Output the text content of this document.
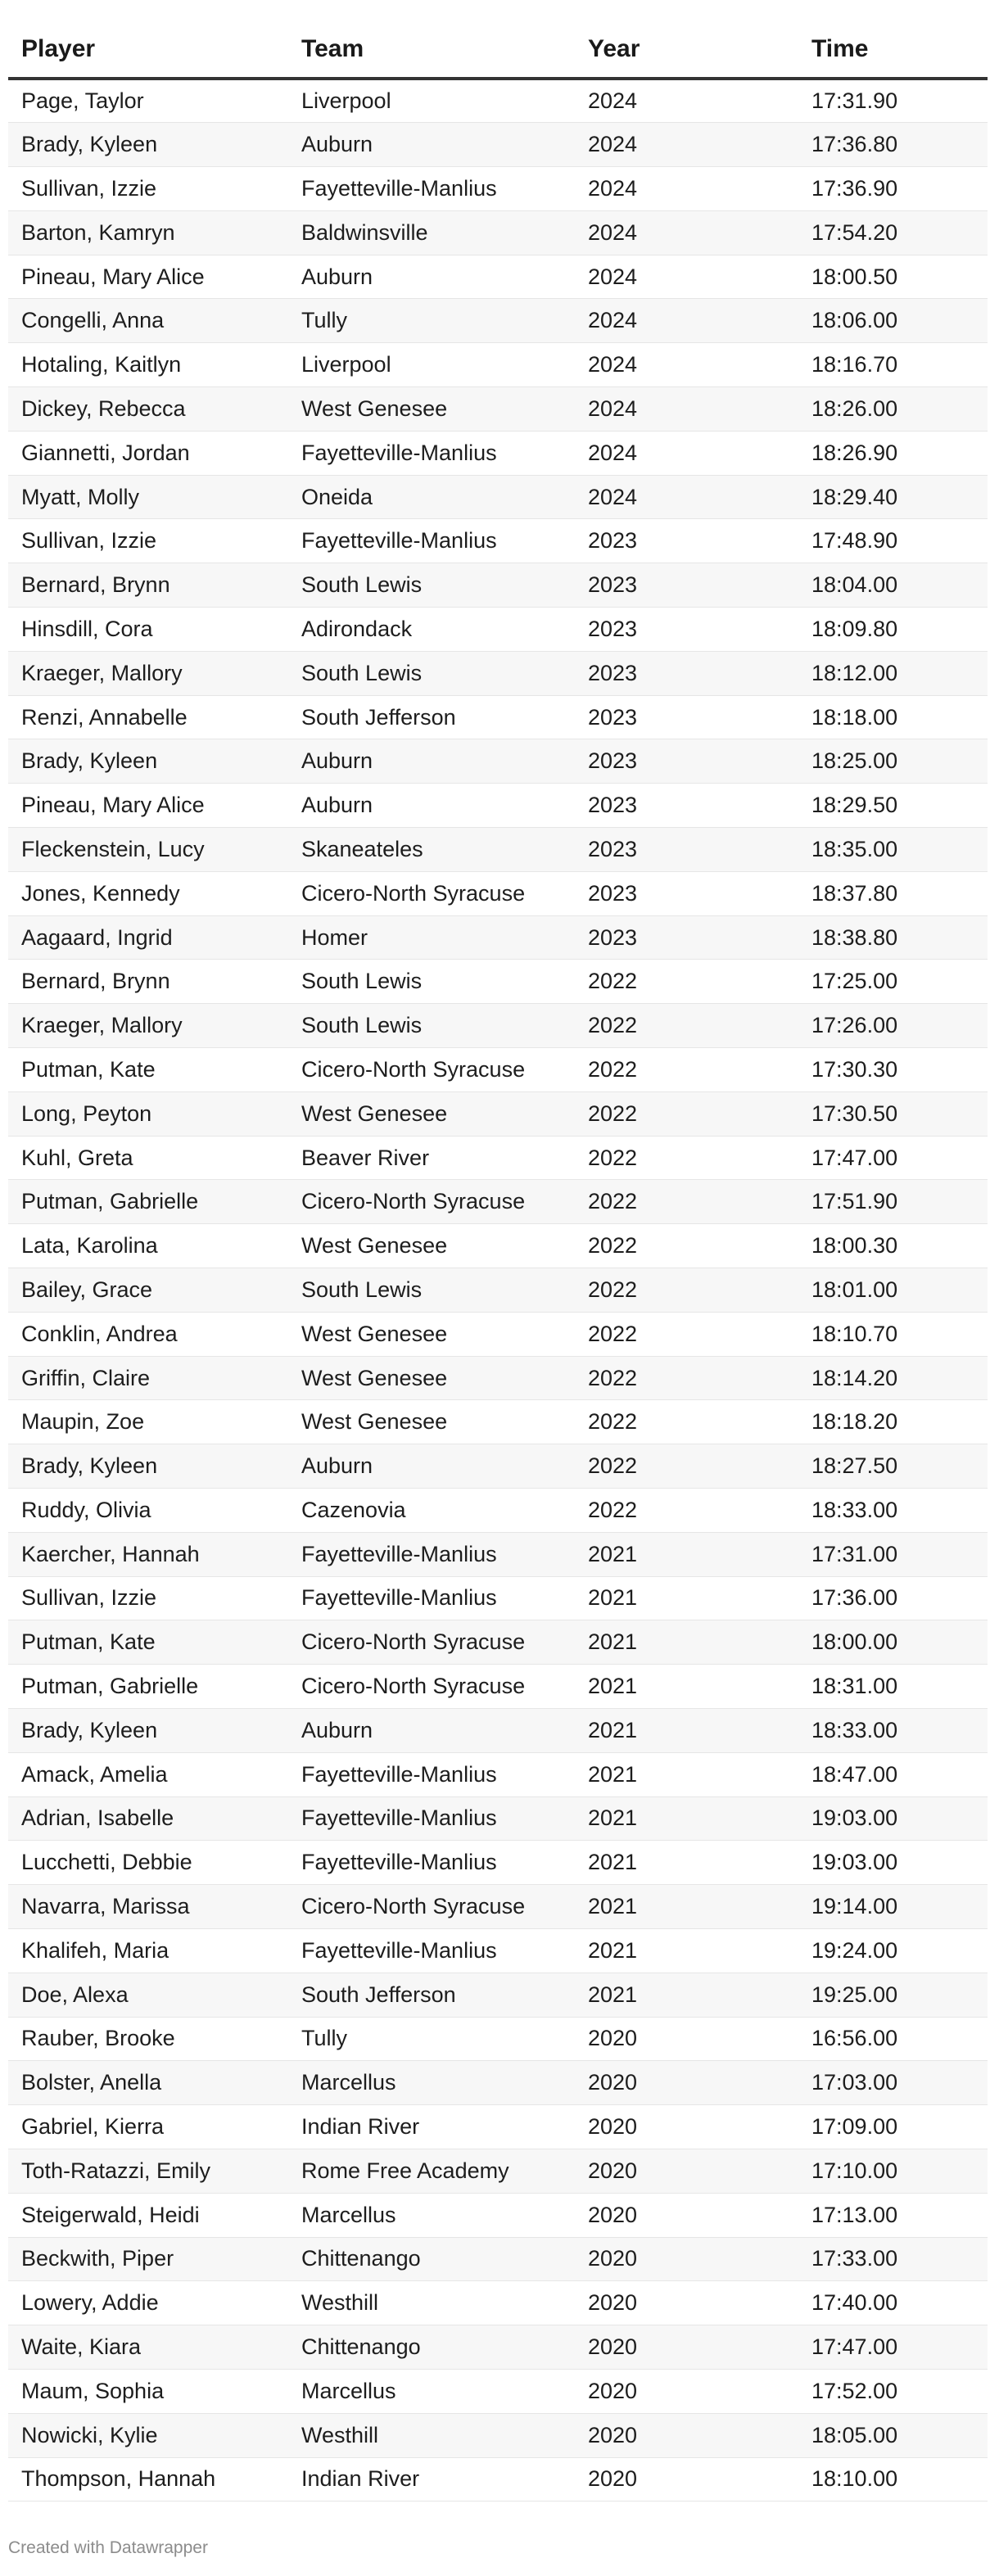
Player	Team	Year	Time
Page, Taylor	Liverpool	2024	17:31.90
Brady, Kyleen	Auburn	2024	17:36.80
Sullivan, Izzie	Fayetteville-Manlius	2024	17:36.90
Barton, Kamryn	Baldwinsville	2024	17:54.20
Pineau, Mary Alice	Auburn	2024	18:00.50
Congelli, Anna	Tully	2024	18:06.00
Hotaling, Kaitlyn	Liverpool	2024	18:16.70
Dickey, Rebecca	West Genesee	2024	18:26.00
Giannetti, Jordan	Fayetteville-Manlius	2024	18:26.90
Myatt, Molly	Oneida	2024	18:29.40
Sullivan, Izzie	Fayetteville-Manlius	2023	17:48.90
Bernard, Brynn	South Lewis	2023	18:04.00
Hinsdill, Cora	Adirondack	2023	18:09.80
Kraeger, Mallory	South Lewis	2023	18:12.00
Renzi, Annabelle	South Jefferson	2023	18:18.00
Brady, Kyleen	Auburn	2023	18:25.00
Pineau, Mary Alice	Auburn	2023	18:29.50
Fleckenstein, Lucy	Skaneateles	2023	18:35.00
Jones, Kennedy	Cicero-North Syracuse	2023	18:37.80
Aagaard, Ingrid	Homer	2023	18:38.80
Bernard, Brynn	South Lewis	2022	17:25.00
Kraeger, Mallory	South Lewis	2022	17:26.00
Putman, Kate	Cicero-North Syracuse	2022	17:30.30
Long, Peyton	West Genesee	2022	17:30.50
Kuhl, Greta	Beaver River	2022	17:47.00
Putman, Gabrielle	Cicero-North Syracuse	2022	17:51.90
Lata, Karolina	West Genesee	2022	18:00.30
Bailey, Grace	South Lewis	2022	18:01.00
Conklin, Andrea	West Genesee	2022	18:10.70
Griffin, Claire	West Genesee	2022	18:14.20
Maupin, Zoe	West Genesee	2022	18:18.20
Brady, Kyleen	Auburn	2022	18:27.50
Ruddy, Olivia	Cazenovia	2022	18:33.00
Kaercher, Hannah	Fayetteville-Manlius	2021	17:31.00
Sullivan, Izzie	Fayetteville-Manlius	2021	17:36.00
Putman, Kate	Cicero-North Syracuse	2021	18:00.00
Putman, Gabrielle	Cicero-North Syracuse	2021	18:31.00
Brady, Kyleen	Auburn	2021	18:33.00
Amack, Amelia	Fayetteville-Manlius	2021	18:47.00
Adrian, Isabelle	Fayetteville-Manlius	2021	19:03.00
Lucchetti, Debbie	Fayetteville-Manlius	2021	19:03.00
Navarra, Marissa	Cicero-North Syracuse	2021	19:14.00
Khalifeh, Maria	Fayetteville-Manlius	2021	19:24.00
Doe, Alexa	South Jefferson	2021	19:25.00
Rauber, Brooke	Tully	2020	16:56.00
Bolster, Anella	Marcellus	2020	17:03.00
Gabriel, Kierra	Indian River	2020	17:09.00
Toth-Ratazzi, Emily	Rome Free Academy	2020	17:10.00
Steigerwald, Heidi	Marcellus	2020	17:13.00
Beckwith, Piper	Chittenango	2020	17:33.00
Lowery, Addie	Westhill	2020	17:40.00
Waite, Kiara	Chittenango	2020	17:47.00
Maum, Sophia	Marcellus	2020	17:52.00
Nowicki, Kylie	Westhill	2020	18:05.00
Thompson, Hannah	Indian River	2020	18:10.00
Created with Datawrapper
